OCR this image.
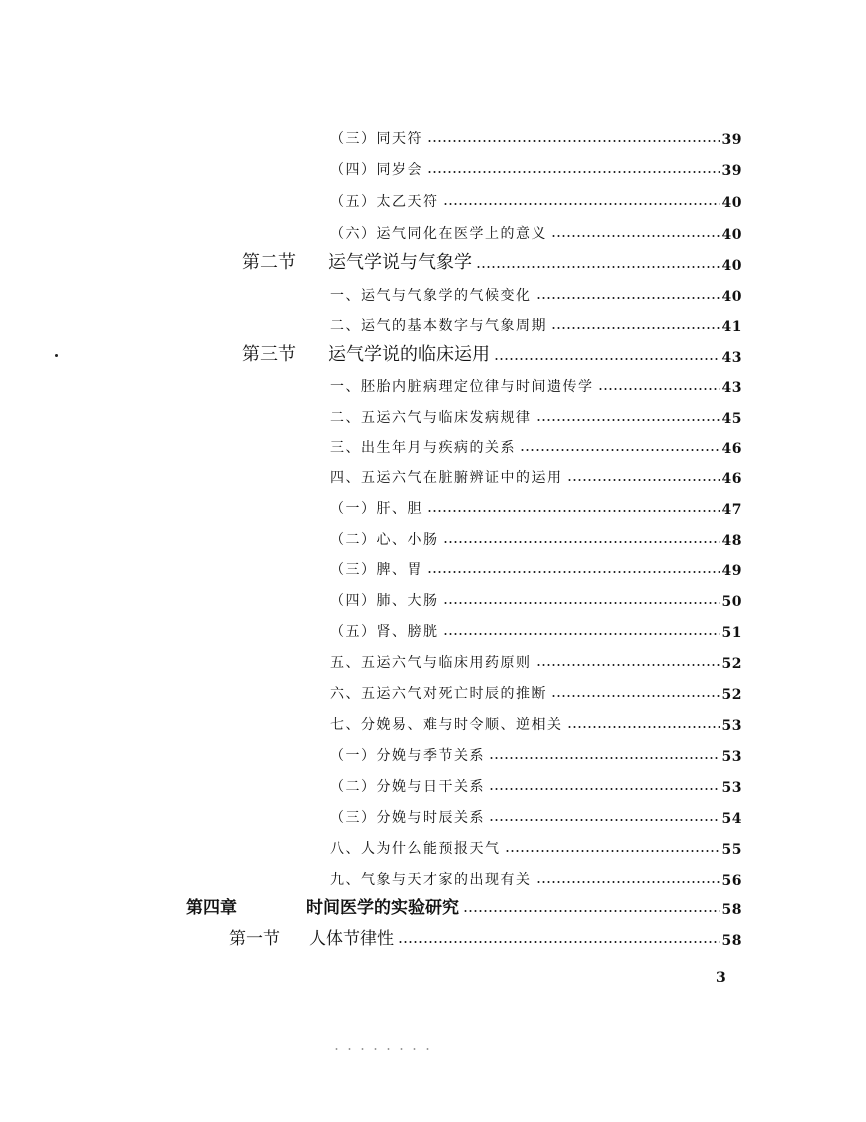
（三）同天符	39
（四）同岁会	39
（五）太乙天符	40
（六）运气同化在医学上的意义	40
第二节	运气学说与气象学	40
一、运气与气象学的气候变化	40
二、运气的基本数字与气象周期	41
第三节	运气学说的临床运用	43
一、胚胎内脏病理定位律与时间遗传学	43
二、五运六气与临床发病规律	45
三、出生年月与疾病的关系	46
四、五运六气在脏腑辨证中的运用	46
（一）肝、胆	47
（二）心、小肠	48
（三）脾、胃	49
（四）肺、大肠	50
（五）肾、膀胱	51
五、五运六气与临床用药原则	52
六、五运六气对死亡时辰的推断	52
七、分娩易、难与时令顺、逆相关	53
（一）分娩与季节关系	53
（二）分娩与日干关系	53
（三）分娩与时辰关系	54
八、人为什么能预报天气	55
九、气象与天才家的出现有关	56
第四章	时间医学的实验研究	58
第一节	人体节律性	58
3
